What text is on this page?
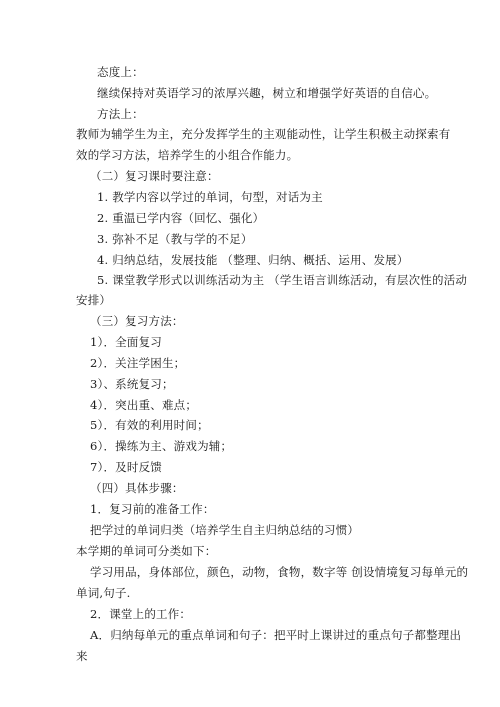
态度上：
继续保持对英语学习的浓厚兴趣，树立和增强学好英语的自信心。
方法上：
教师为辅学生为主，充分发挥学生的主观能动性，让学生积极主动探索有
效的学习方法，培养学生的小组合作能力。
（二）复习课时要注意：
1. 教学内容以学过的单词，句型，对话为主
2. 重温已学内容（回忆、强化）
3. 弥补不足（教与学的不足）
4. 归纳总结，发展技能 （整理、归纳、概括、运用、发展）
5. 课堂教学形式以训练活动为主 （学生语言训练活动，有层次性的活动
安排）
（三）复习方法：
1）．全面复习
2）．关注学困生；
3）、系统复习；
4）．突出重、难点；
5）．有效的利用时间；
6）．操练为主、游戏为辅；
7）．及时反馈
（四）具体步骤：
1．复习前的准备工作：
把学过的单词归类（培养学生自主归纳总结的习惯）
本学期的单词可分类如下：
学习用品，身体部位，颜色，动物，食物，数字等 创设情境复习每单元的
单词,句子.
2．课堂上的工作：
A．归纳每单元的重点单词和句子：把平时上课讲过的重点句子都整理出
来
